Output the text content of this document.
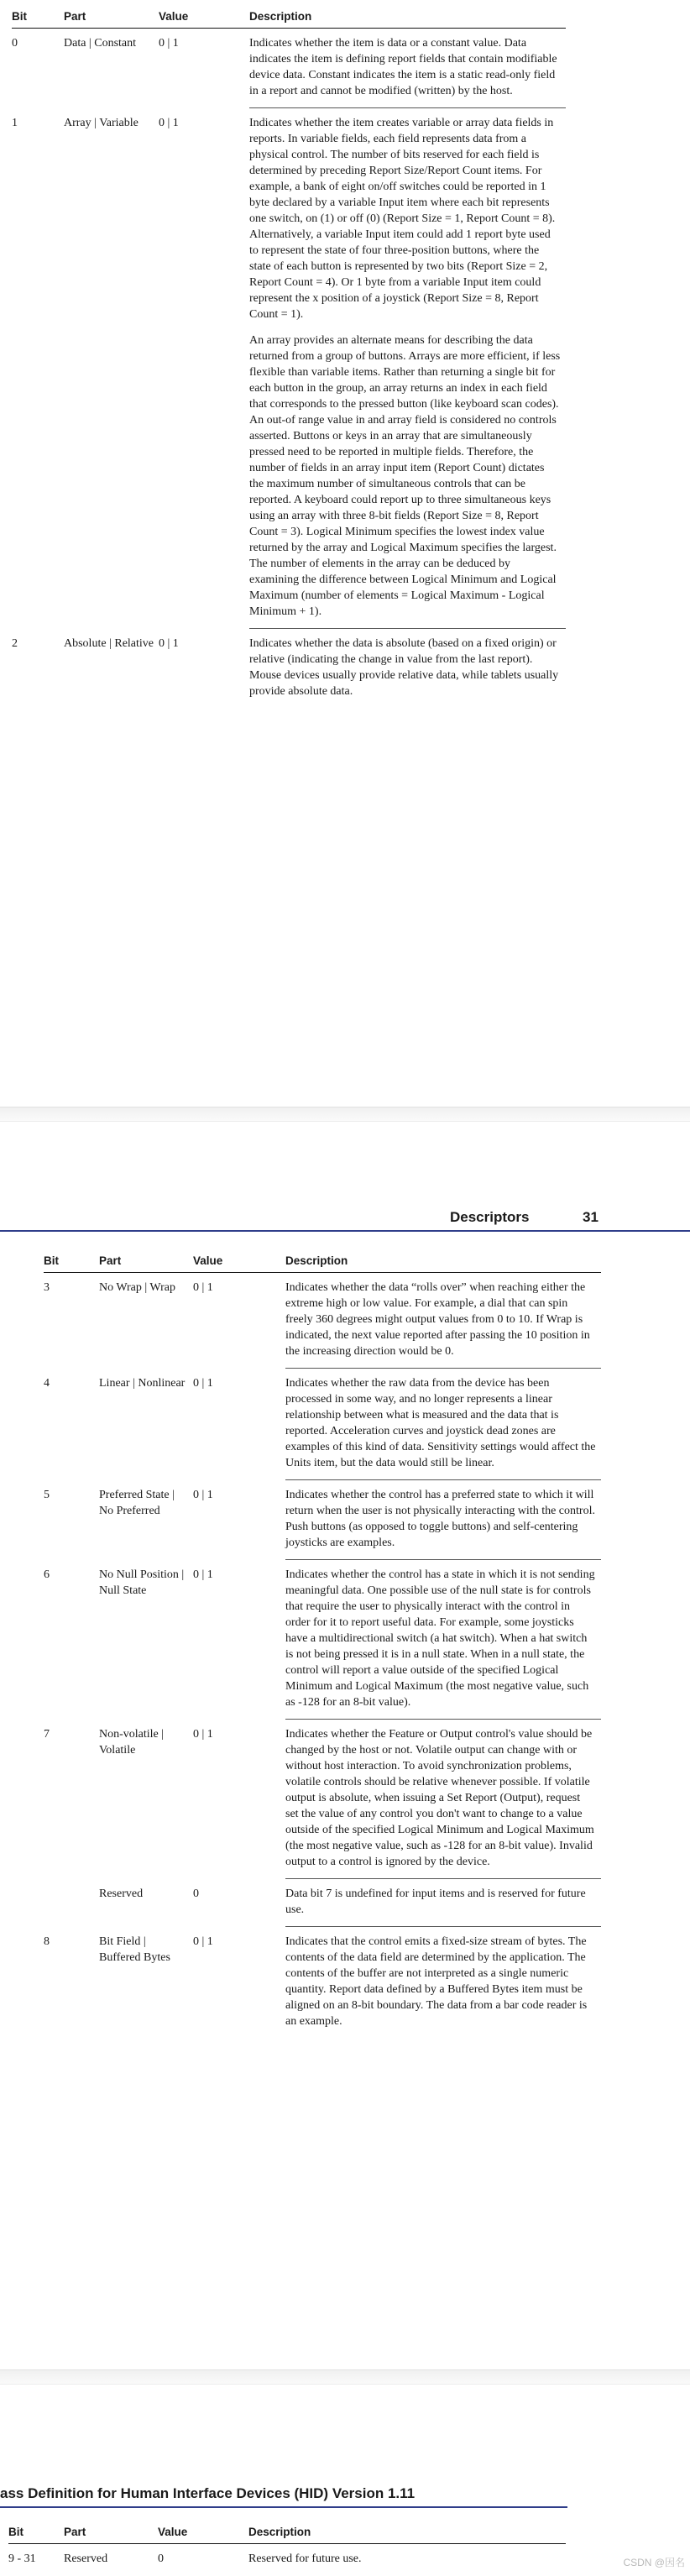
Bit	Part	Value	Description
0	Data | Constant	0 | 1	Indicates whether the item is data or a constant value. Data indicates the item is defining report fields that contain modifiable device data. Constant indicates the item is a static read-only field in a report and cannot be modified (written) by the host.

1	Array | Variable	0 | 1	Indicates whether the item creates variable or array data fields in reports. In variable fields, each field represents data from a physical control. The number of bits reserved for each field is determined by preceding Report Size/Report Count items. For example, a bank of eight on/off switches could be reported in 1 byte declared by a variable Input item where each bit represents one switch, on (1) or off (0) (Report Size = 1, Report Count = 8). Alternatively, a variable Input item could add 1 report byte used to represent the state of four three-position buttons, where the state of each button is represented by two bits (Report Size = 2, Report Count = 4). Or 1 byte from a variable Input item could represent the x position of a joystick (Report Size = 8, Report Count = 1).
An array provides an alternate means for describing the data returned from a group of buttons. Arrays are more efficient, if less flexible than variable items. Rather than returning a single bit for each button in the group, an array returns an index in each field that corresponds to the pressed button (like keyboard scan codes). An out-of range value in and array field is considered no controls asserted. Buttons or keys in an array that are simultaneously pressed need to be reported in multiple fields. Therefore, the number of fields in an array input item (Report Count) dictates the maximum number of simultaneous controls that can be reported. A keyboard could report up to three simultaneous keys using an array with three 8-bit fields (Report Size = 8, Report Count = 3). Logical Minimum specifies the lowest index value returned by the array and Logical Maximum specifies the largest. The number of elements in the array can be deduced by examining the difference between Logical Minimum and Logical Maximum (number of elements = Logical Maximum - Logical Minimum + 1).

2	Absolute | Relative	0 | 1	Indicates whether the data is absolute (based on a fixed origin) or relative (indicating the change in value from the last report). Mouse devices usually provide relative data, while tablets usually provide absolute data.
Descriptors	31
Bit	Part	Value	Description
3	No Wrap | Wrap	0 | 1	Indicates whether the data “rolls over” when reaching either the extreme high or low value. For example, a dial that can spin freely 360 degrees might output values from 0 to 10. If Wrap is indicated, the next value reported after passing the 10 position in the increasing direction would be 0.

4	Linear | Nonlinear	0 | 1	Indicates whether the raw data from the device has been processed in some way, and no longer represents a linear relationship between what is measured and the data that is reported. Acceleration curves and joystick dead zones are examples of this kind of data. Sensitivity settings would affect the Units item, but the data would still be linear.

5	Preferred State | No Preferred	0 | 1	Indicates whether the control has a preferred state to which it will return when the user is not physically interacting with the control. Push buttons (as opposed to toggle buttons) and self-centering joysticks are examples.

6	No Null Position | Null State	0 | 1	Indicates whether the control has a state in which it is not sending meaningful data. One possible use of the null state is for controls that require the user to physically interact with the control in order for it to report useful data. For example, some joysticks have a multidirectional switch (a hat switch). When a hat switch is not being pressed it is in a null state. When in a null state, the control will report a value outside of the specified Logical Minimum and Logical Maximum (the most negative value, such as -128 for an 8-bit value).

7	Non-volatile | Volatile	0 | 1	Indicates whether the Feature or Output control's value should be changed by the host or not. Volatile output can change with or without host interaction. To avoid synchronization problems, volatile controls should be relative whenever possible. If volatile output is absolute, when issuing a Set Report (Output), request set the value of any control you don't want to change to a value outside of the specified Logical Minimum and Logical Maximum (the most negative value, such as -128 for an 8-bit value). Invalid output to a control is ignored by the device.

	Reserved	0	Data bit 7 is undefined for input items and is reserved for future use.

8	Bit Field | Buffered Bytes	0 | 1	Indicates that the control emits a fixed-size stream of bytes. The contents of the data field are determined by the application. The contents of the buffer are not interpreted as a single numeric quantity. Report data defined by a Buffered Bytes item must be aligned on an 8-bit boundary. The data from a bar code reader is an example.
ass Definition for Human Interface Devices (HID) Version 1.11
Bit	Part	Value	Description
9 - 31	Reserved	0	Reserved for future use.	CSDN @因名
